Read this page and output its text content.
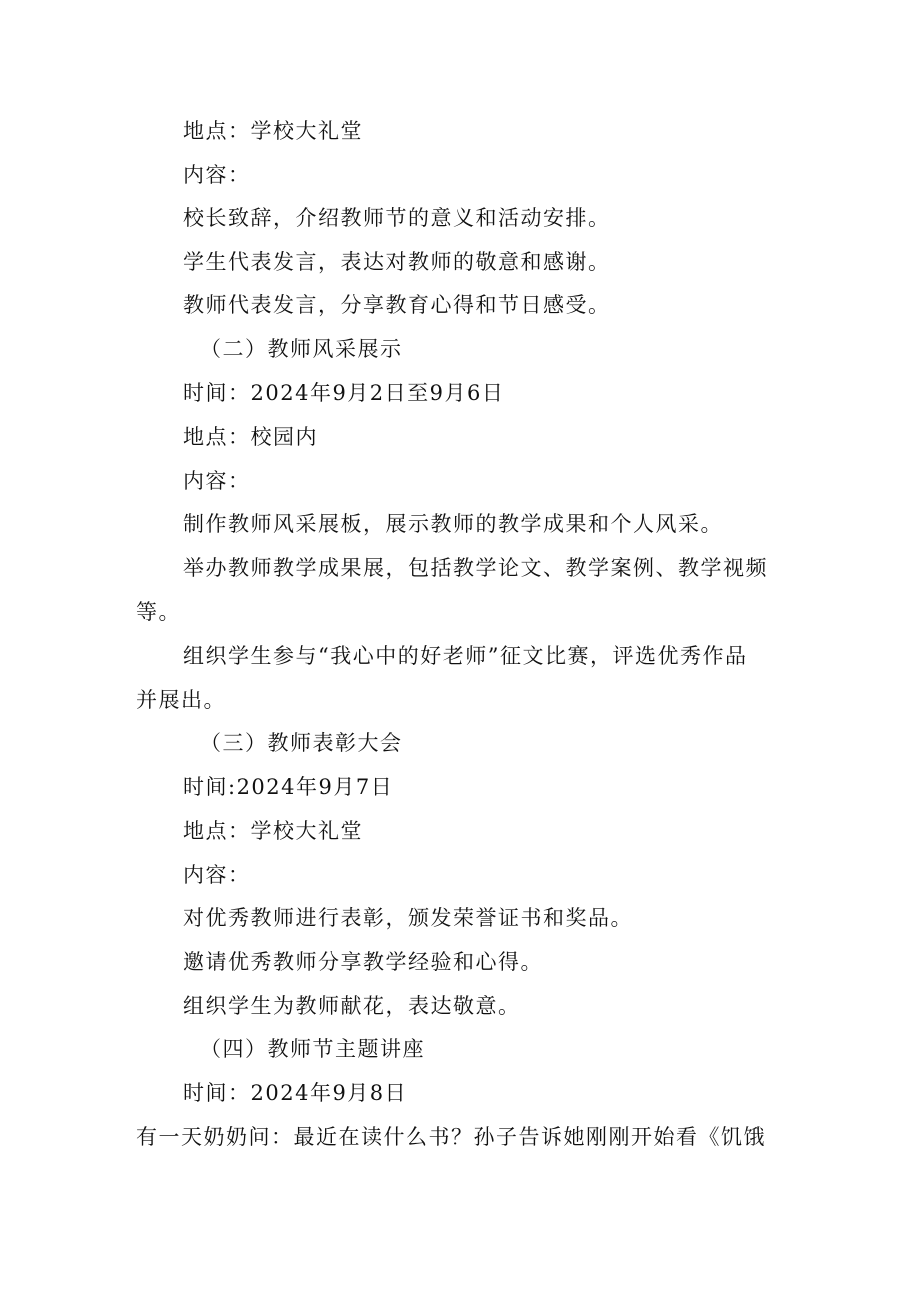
地点：学校大礼堂
内容：
校长致辞，介绍教师节的意义和活动安排。
学生代表发言，表达对教师的敬意和感谢。
教师代表发言，分享教育心得和节日感受。
（二）教师风采展示
时间：2024年9月2日至9月6日
地点：校园内
内容：
制作教师风采展板，展示教师的教学成果和个人风采。
举办教师教学成果展，包括教学论文、教学案例、教学视频
等。
组织学生参与“我心中的好老师”征文比赛，评选优秀作品
并展出。
（三）教师表彰大会
时间:2024年9月7日
地点：学校大礼堂
内容：
对优秀教师进行表彰，颁发荣誉证书和奖品。
邀请优秀教师分享教学经验和心得。
组织学生为教师献花，表达敬意。
（四）教师节主题讲座
时间：2024年9月8日
有一天奶奶问：最近在读什么书？孙子告诉她刚刚开始看《饥饿
